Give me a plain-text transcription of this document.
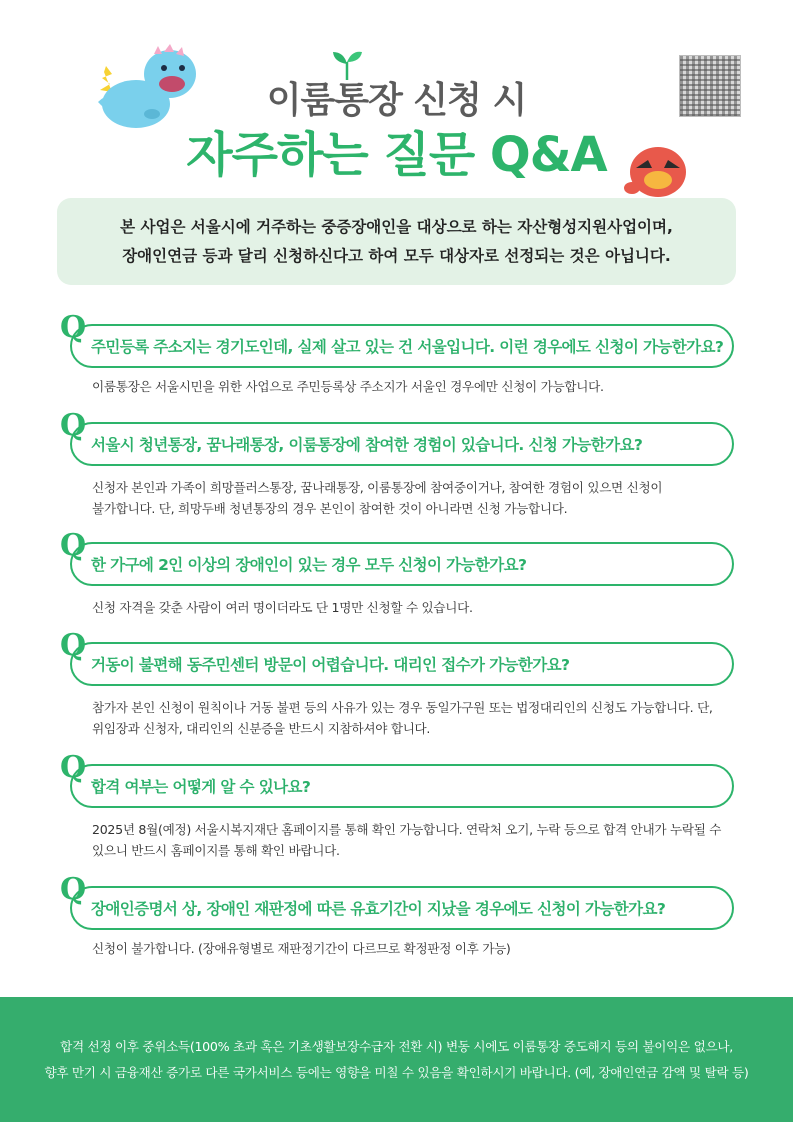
이룸통장 신청 시
자주하는 질문 Q&A
본 사업은 서울시에 거주하는 중증장애인을 대상으로 하는 자산형성지원사업이며,
장애인연금 등과 달리 신청하신다고 하여 모두 대상자로 선정되는 것은 아닙니다.
주민등록 주소지는 경기도인데, 실제 살고 있는 건 서울입니다. 이런 경우에도 신청이 가능한가요?
Q
이룸통장은 서울시민을 위한 사업으로 주민등록상 주소지가 서울인 경우에만 신청이 가능합니다.
서울시 청년통장, 꿈나래통장, 이룸통장에 참여한 경험이 있습니다. 신청 가능한가요?
Q
신청자 본인과 가족이 희망플러스통장, 꿈나래통장, 이룸통장에 참여중이거나, 참여한 경험이 있으면 신청이
불가합니다. 단, 희망두배 청년통장의 경우 본인이 참여한 것이 아니라면 신청 가능합니다.
한 가구에 2인 이상의 장애인이 있는 경우 모두 신청이 가능한가요?
Q
신청 자격을 갖춘 사람이 여러 명이더라도 단 1명만 신청할 수 있습니다.
거동이 불편해 동주민센터 방문이 어렵습니다. 대리인 접수가 가능한가요?
Q
참가자 본인 신청이 원칙이나 거동 불편 등의 사유가 있는 경우 동일가구원 또는 법정대리인의 신청도 가능합니다. 단,
위임장과 신청자, 대리인의 신분증을 반드시 지참하셔야 합니다.
합격 여부는 어떻게 알 수 있나요?
Q
2025년 8월(예정) 서울시복지재단 홈페이지를 통해 확인 가능합니다. 연락처 오기, 누락 등으로 합격 안내가 누락될 수
있으니 반드시 홈페이지를 통해 확인 바랍니다.
장애인증명서 상, 장애인 재판정에 따른 유효기간이 지났을 경우에도 신청이 가능한가요?
Q
신청이 불가합니다. (장애유형별로 재판정기간이 다르므로 확정판정 이후 가능)
합격 선정 이후 중위소득(100% 초과 혹은 기초생활보장수급자 전환 시) 변동 시에도 이룸통장 중도해지 등의 불이익은 없으나,
향후 만기 시 금융재산 증가로 다른 국가서비스 등에는 영향을 미칠 수 있음을 확인하시기 바랍니다. (예, 장애인연금 감액 및 탈락 등)
